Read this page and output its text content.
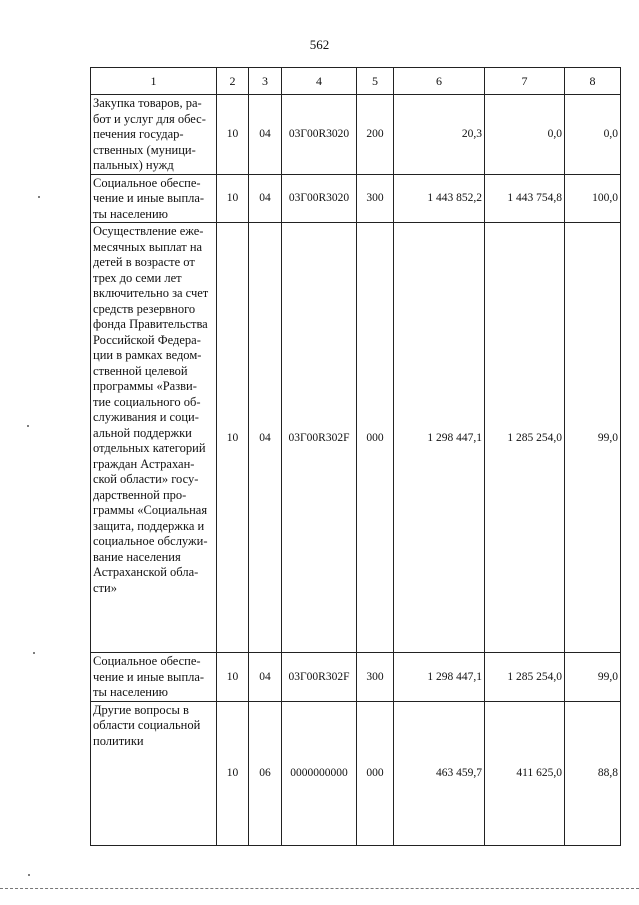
562
1	2	3	4	5	6	7	8
Закупка товаров, ра-бот и услуг для обес-печения государ-ственных (муници-пальных) нужд	10	04	03Г00R3020	200	20,3	0,0	0,0
Социальное обеспе-чение и иные выпла-ты населению	10	04	03Г00R3020	300	1 443 852,2	1 443 754,8	100,0
Осуществление еже-месячных выплат на детей в возрасте от трех до семи лет включительно за счет средств резервного фонда Правительства Российской Федера-ции в рамках ведом-ственной целевой программы «Разви-тие социального об-служивания и соци-альной поддержки отдельных категорий граждан Астрахан-ской области» госу-дарственной про-граммы «Социальная защита, поддержка и социальное обслужи-вание населения Астраханской обла-сти»	10	04	03Г00R302F	000	1 298 447,1	1 285 254,0	99,0
Социальное обеспе-чение и иные выпла-ты населению	10	04	03Г00R302F	300	1 298 447,1	1 285 254,0	99,0
Другие вопросы в области социальной политики	10	06	0000000000	000	463 459,7	411 625,0	88,8
